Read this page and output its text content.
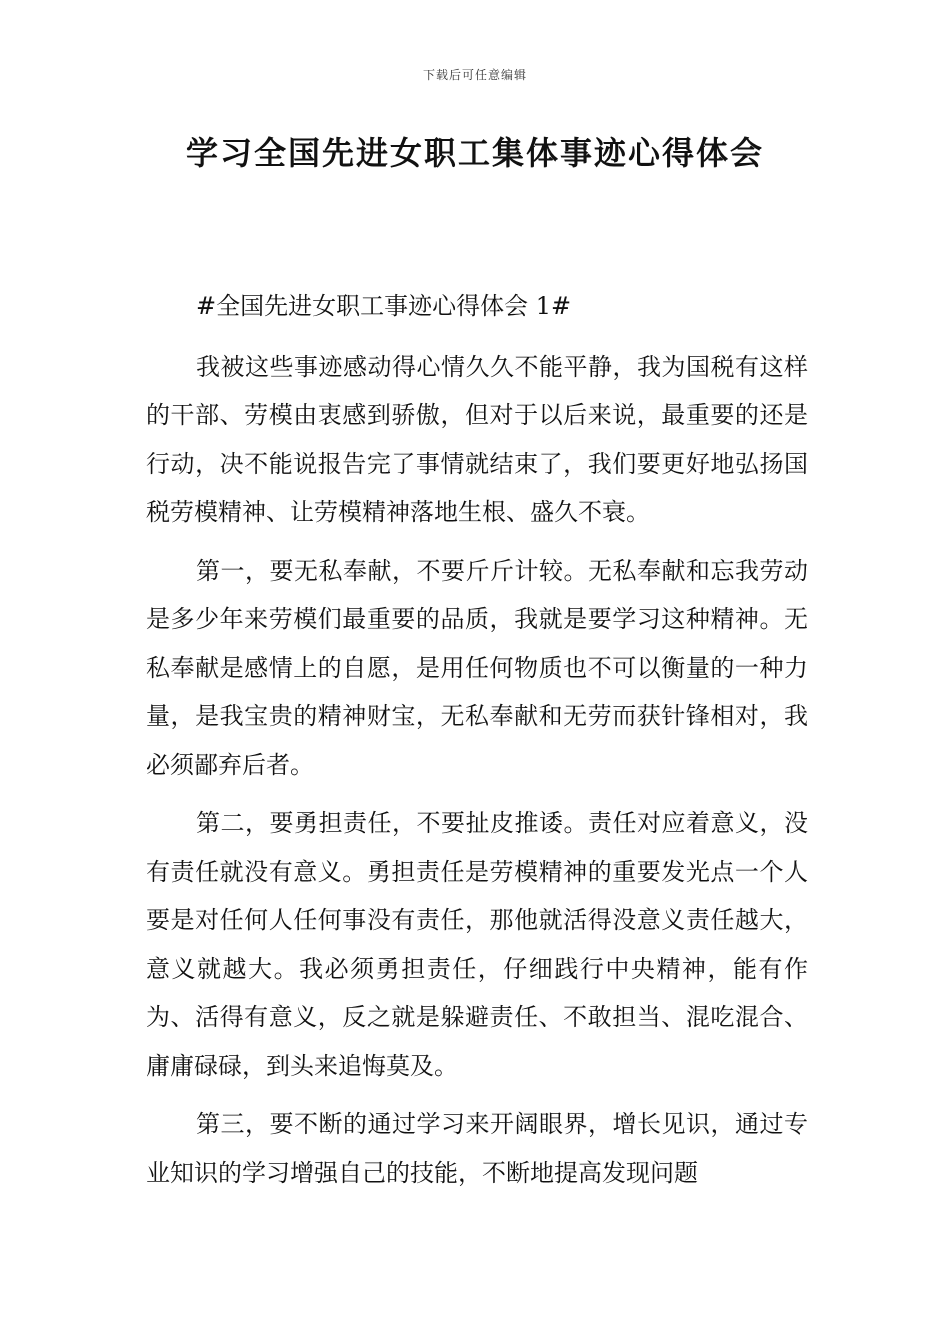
下载后可任意编辑
学习全国先进女职工集体事迹心得体会

#全国先进女职工事迹心得体会 1#

我被这些事迹感动得心情久久不能平静，我为国税有这样的干部、劳模由衷感到骄傲，但对于以后来说，最重要的还是行动，决不能说报告完了事情就结束了，我们要更好地弘扬国税劳模精神、让劳模精神落地生根、盛久不衰。

第一，要无私奉献，不要斤斤计较。无私奉献和忘我劳动是多少年来劳模们最重要的品质，我就是要学习这种精神。无私奉献是感情上的自愿，是用任何物质也不可以衡量的一种力量，是我宝贵的精神财宝，无私奉献和无劳而获针锋相对，我必须鄙弃后者。

第二，要勇担责任，不要扯皮推诿。责任对应着意义，没有责任就没有意义。勇担责任是劳模精神的重要发光点一个人要是对任何人任何事没有责任，那他就活得没意义责任越大，意义就越大。我必须勇担责任，仔细践行中央精神，能有作为、活得有意义，反之就是躲避责任、不敢担当、混吃混合、庸庸碌碌，到头来追悔莫及。

第三，要不断的通过学习来开阔眼界，增长见识，通过专业知识的学习增强自己的技能，不断地提高发现问题
